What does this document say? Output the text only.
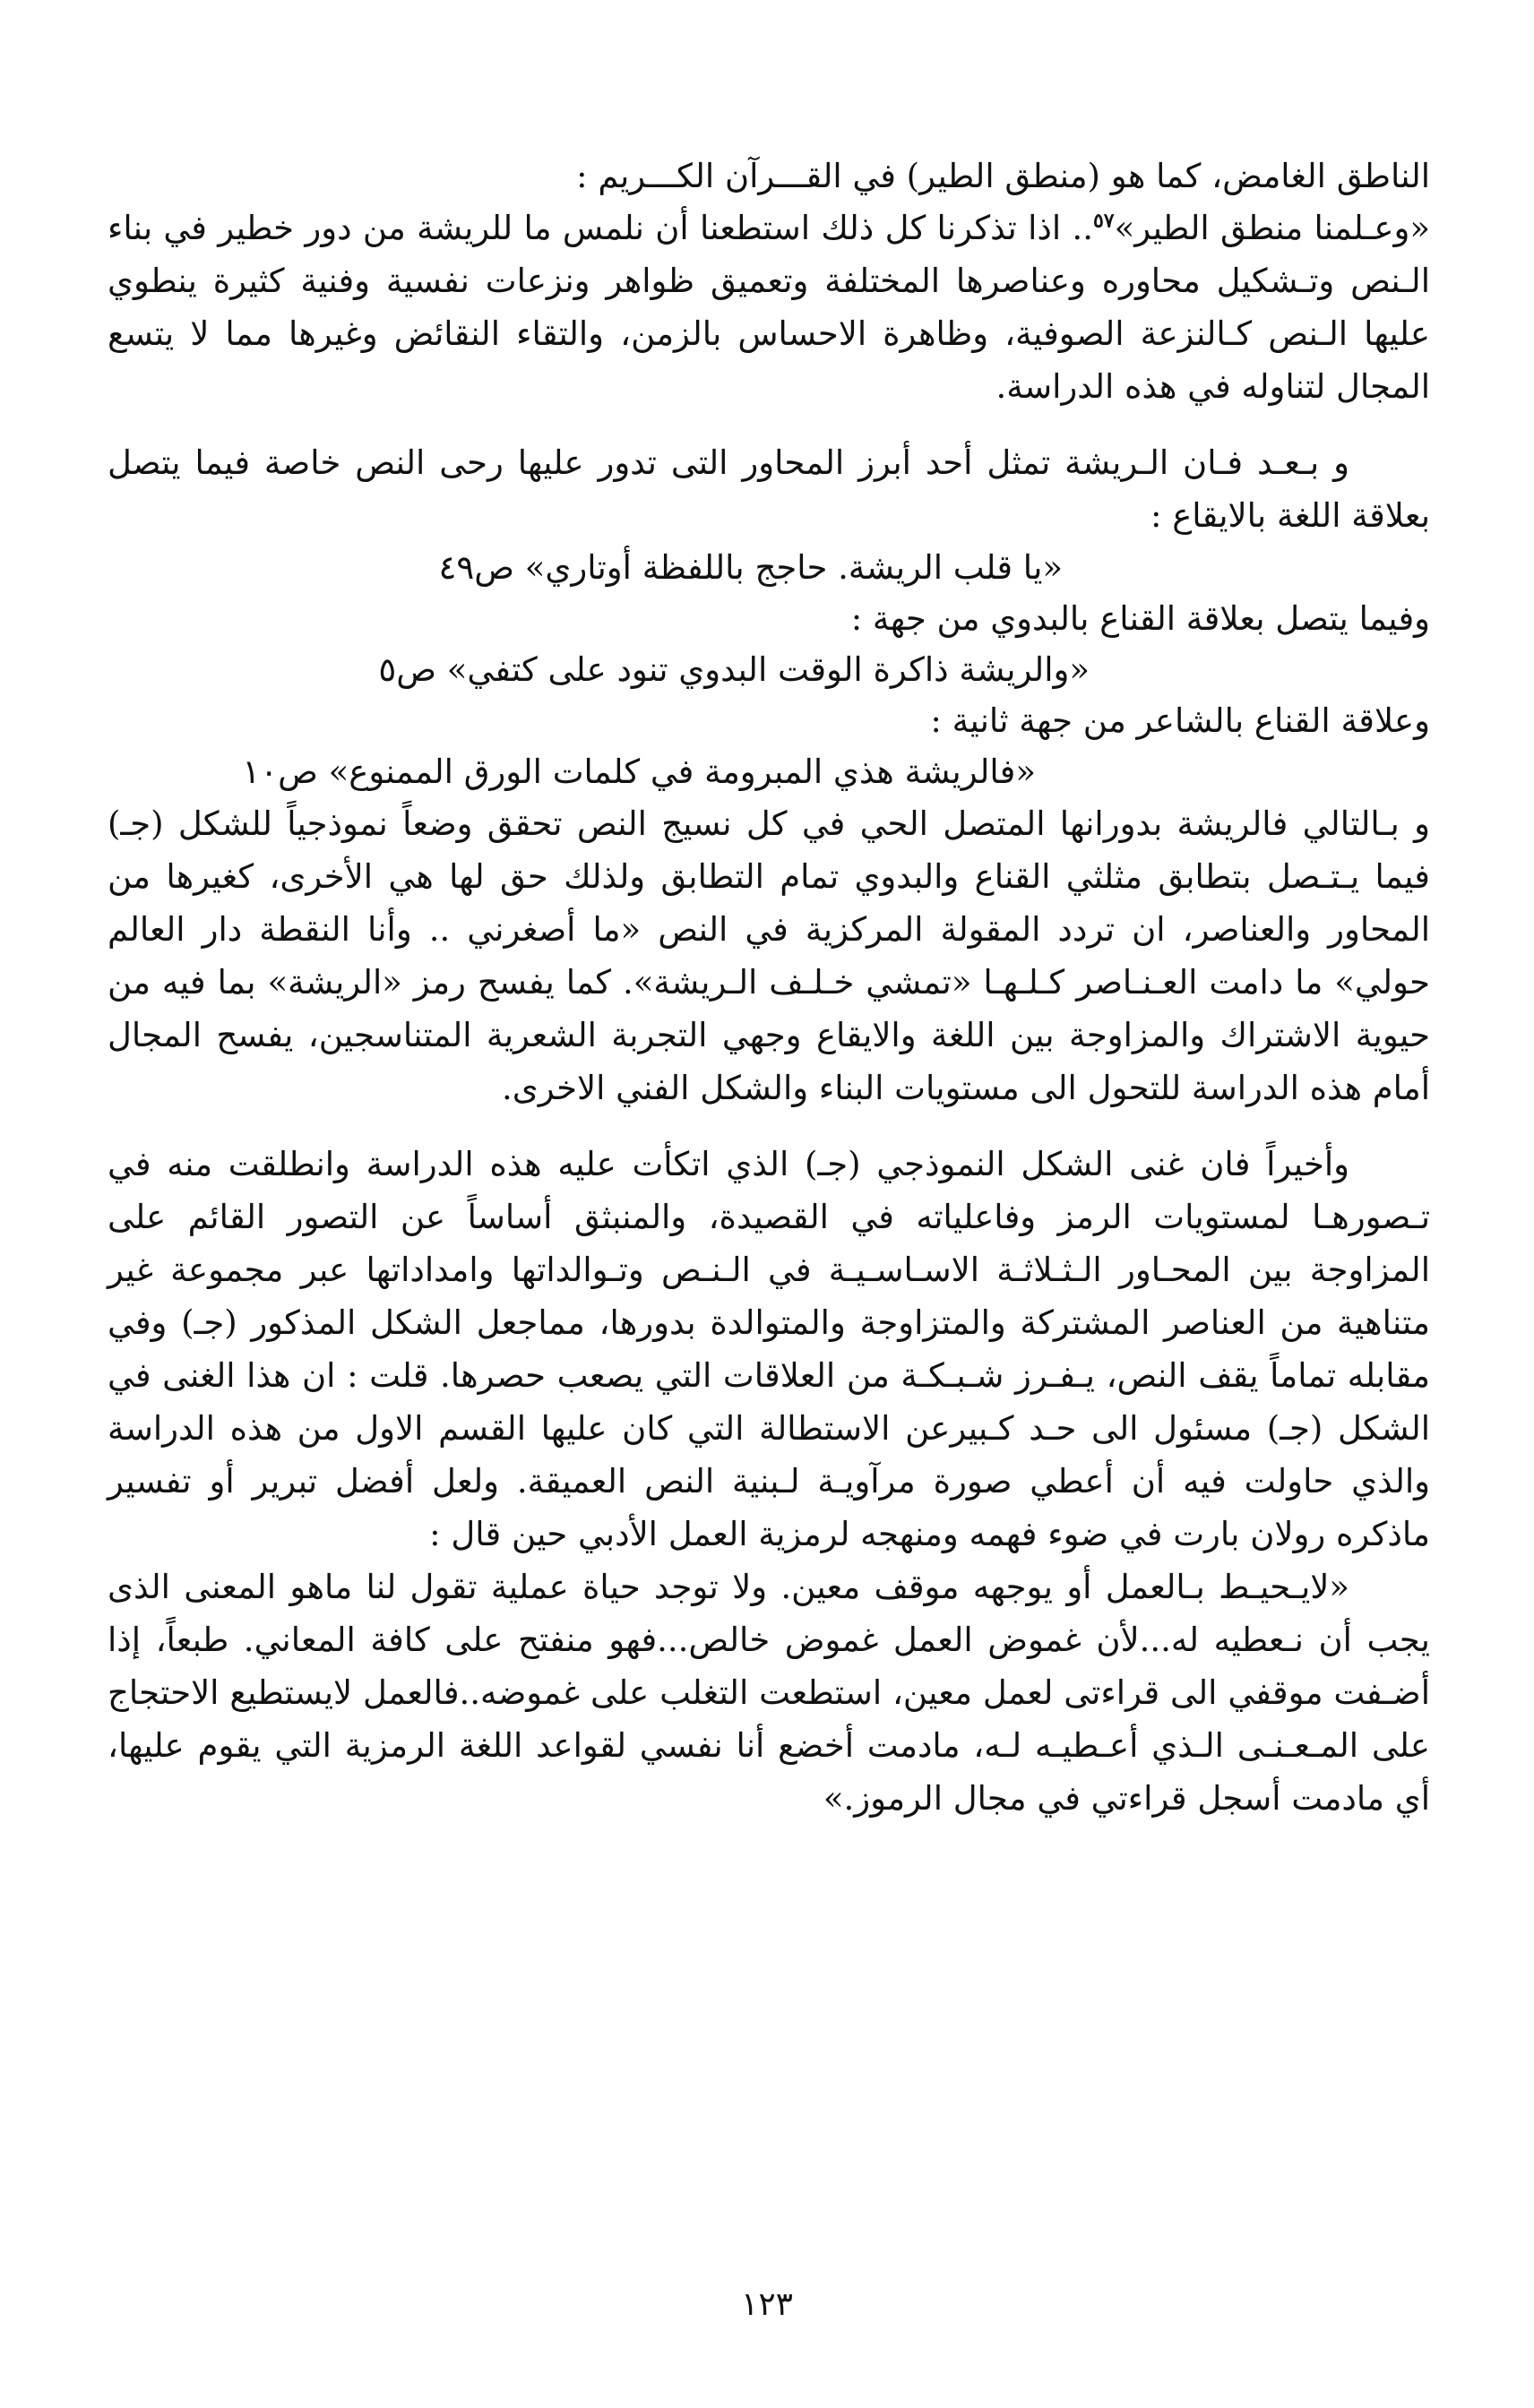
الناطق الغامض، كما هو (منطق الطير) في القـــرآن الكـــريم :

«وعـلمنا منطق الطير»$^{٥٧}$.. اذا تذكرنا كل ذلك استطعنا أن نلمس ما للريشة من دور خطير في بناء الـنص وتـشكيل محاوره وعناصرها المختلفة وتعميق ظواهر ونزعات نفسية وفنية كثيرة ينطوي عليها الـنص كـالنزعة الصوفية، وظاهرة الاحساس بالزمن، والتقاء النقائض وغيرها مما لا يتسع المجال لتناوله في هذه الدراسة.

و بـعـد فـان الـريشة تمثل أحد أبرز المحاور التى تدور عليها رحى النص خاصة فيما يتصل بعلاقة اللغة بالايقاع :

«يا قلب الريشة. حاجج باللفظة أوتاري» ص٤٩

وفيما يتصل بعلاقة القناع بالبدوي من جهة :

«والريشة ذاكرة الوقت البدوي تنود على كتفي» ص٥

وعلاقة القناع بالشاعر من جهة ثانية :

«فالريشة هذي المبرومة في كلمات الورق الممنوع» ص١٠

و بـالتالي فالريشة بدورانها المتصل الحي في كل نسيج النص تحقق وضعاً نموذجياً للشكل (جـ) فيما يـتـصل بتطابق مثلثي القناع والبدوي تمام التطابق ولذلك حق لها هي الأخرى، كغيرها من المحاور والعناصر، ان تردد المقولة المركزية في النص «ما أصغرني .. وأنا النقطة دار العالم حولي» ما دامت العـنـاصر كـلـهـا «تمشي خـلـف الـريشة». كما يفسح رمز «الريشة» بما فيه من حيوية الاشتراك والمزاوجة بين اللغة والايقاع وجهي التجربة الشعرية المتناسجين، يفسح المجال أمام هذه الدراسة للتحول الى مستويات البناء والشكل الفني الاخرى.

وأخيراً فان غنى الشكل النموذجي (جـ) الذي اتكأت عليه هذه الدراسة وانطلقت منه في تـصورهـا لمستويات الرمز وفاعلياته في القصيدة، والمنبثق أساساً عن التصور القائم على المزاوجة بين المحـاور الـثـلاثـة الاسـاسـيـة في الـنـص وتـوالداتها وامداداتها عبر مجموعة غير متناهية من العناصر المشتركة والمتزاوجة والمتوالدة بدورها، مماجعل الشكل المذكور (جـ) وفي مقابله تماماً يقف النص، يـفـرز شـبـكـة من العلاقات التي يصعب حصرها. قلت : ان هذا الغنى في الشكل (جـ) مسئول الى حـد كـبيرعن الاستطالة التي كان عليها القسم الاول من هذه الدراسة والذي حاولت فيه أن أعطي صورة مرآويـة لـبنية النص العميقة. ولعل أفضل تبرير أو تفسير ماذكره رولان بارت في ضوء فهمه ومنهجه لرمزية العمل الأدبي حين قال :

«لايـحيـط بـالعمل أو يوجهه موقف معين. ولا توجد حياة عملية تقول لنا ماهو المعنى الذى يجب أن نـعطيه له...لأن غموض العمل غموض خالص...فهو منفتح على كافة المعاني. طبعاً، إذا أضـفت موقفي الى قراءتى لعمل معين، استطعت التغلب على غموضه..فالعمل لايستطيع الاحتجاج على المـعـنـى الـذي أعـطيـه لـه، مادمت أخضع أنا نفسي لقواعد اللغة الرمزية التي يقوم عليها، أي مادمت أسجل قراءتي في مجال الرموز.»

١٢٣
